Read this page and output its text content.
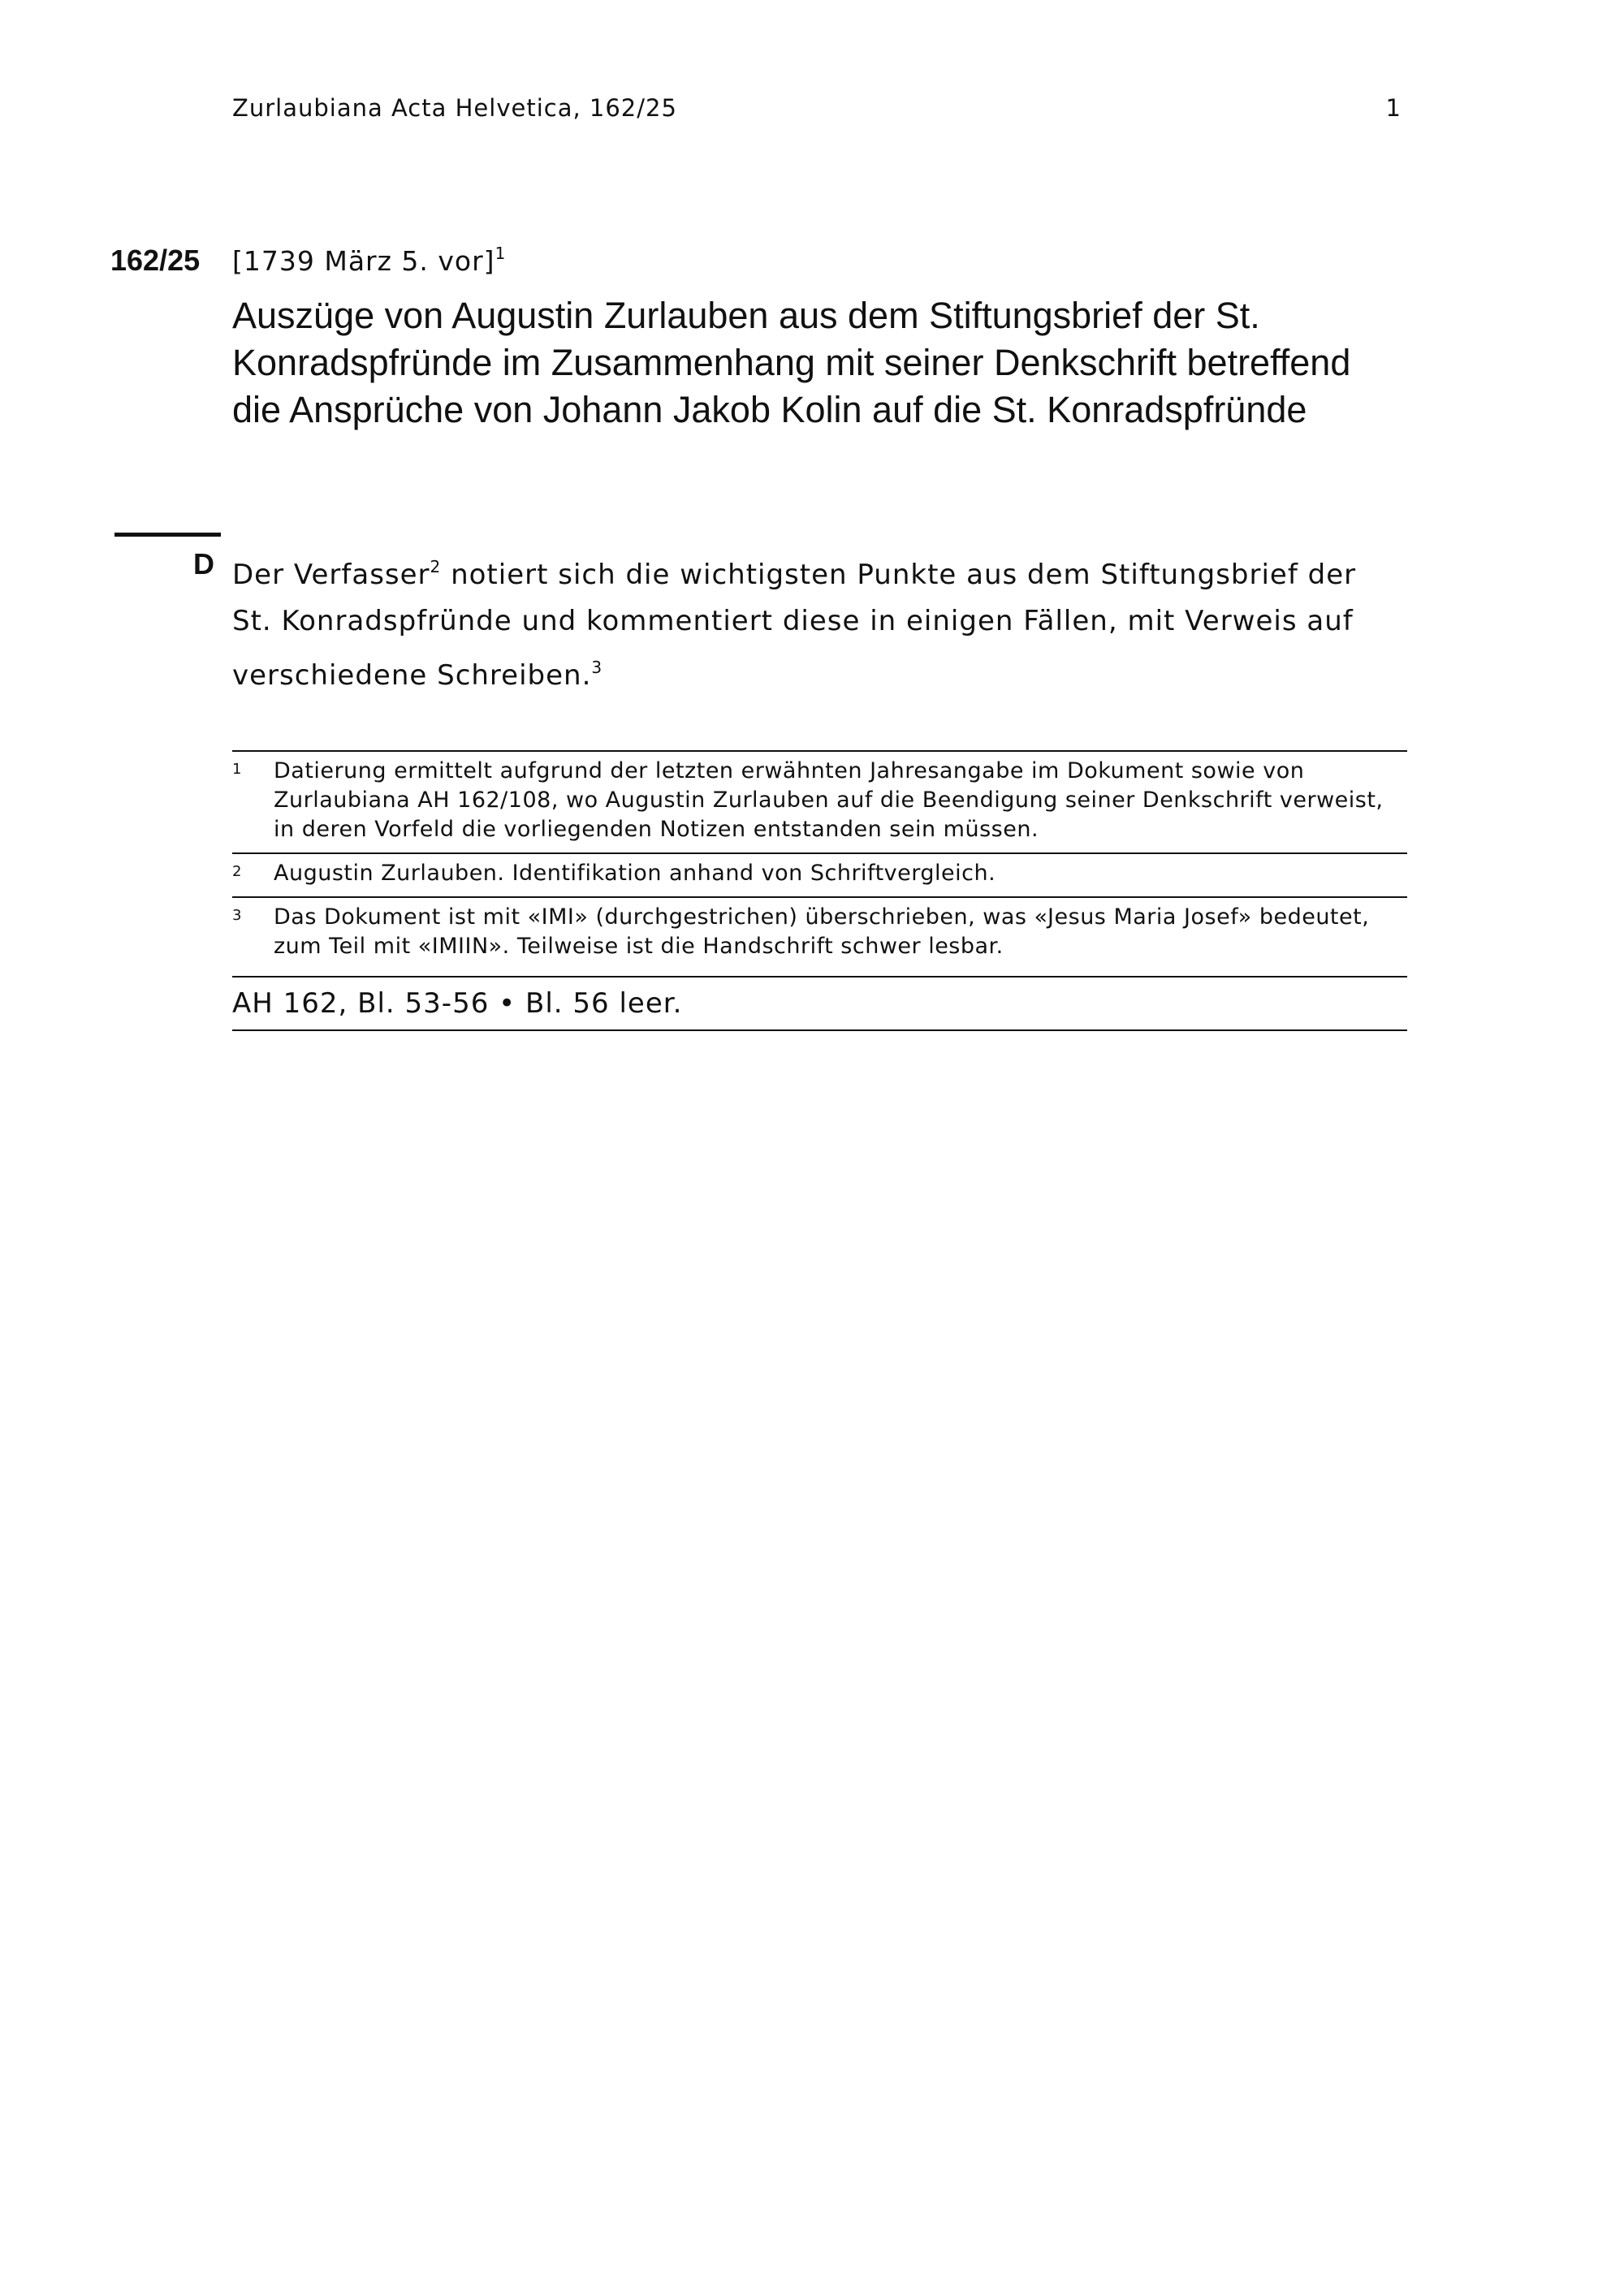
Zurlaubiana Acta Helvetica, 162/25	1
162/25 [1739 März 5. vor]$^1$
Auszüge von Augustin Zurlauben aus dem Stiftungsbrief der St. Konradspfründe im Zusammenhang mit seiner Denkschrift betreffend die Ansprüche von Johann Jakob Kolin auf die St. Konradspfründe
D Der Verfasser$^2$ notiert sich die wichtigsten Punkte aus dem Stiftungsbrief der St. Konradspfründe und kommentiert diese in einigen Fällen, mit Verweis auf verschiedene Schreiben.$^3$
1 Datierung ermittelt aufgrund der letzten erwähnten Jahresangabe im Dokument sowie von Zurlaubiana AH 162/108, wo Augustin Zurlauben auf die Beendigung seiner Denkschrift verweist, in deren Vorfeld die vorliegenden Notizen entstanden sein müssen.
2 Augustin Zurlauben. Identifikation anhand von Schriftvergleich.
3 Das Dokument ist mit «IMI» (durchgestrichen) überschrieben, was «Jesus Maria Josef» bedeutet, zum Teil mit «IMIIN». Teilweise ist die Handschrift schwer lesbar.
AH 162, Bl. 53-56 • Bl. 56 leer.
